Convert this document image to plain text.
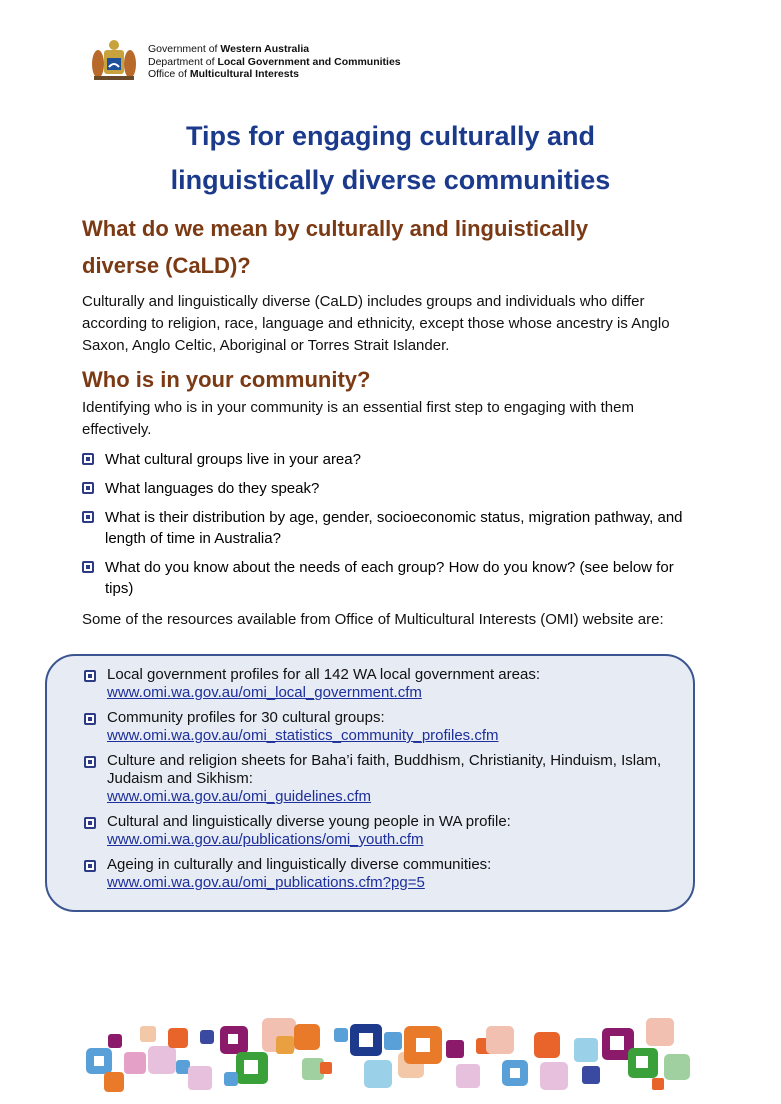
Government of Western Australia
Department of Local Government and Communities
Office of Multicultural Interests
Tips for engaging culturally and
linguistically diverse communities
What do we mean by culturally and linguistically
diverse (CaLD)?

Culturally and linguistically diverse (CaLD) includes groups and individuals who differ according to religion, race, language and ethnicity, except those whose ancestry is Anglo Saxon, Anglo Celtic, Aboriginal or Torres Strait Islander.

Who is in your community?

Identifying who is in your community is an essential first step to engaging with them effectively.

What cultural groups live in your area?
What languages do they speak?
What is their distribution by age, gender, socioeconomic status, migration pathway, and length of time in Australia?
What do you know about the needs of each group? How do you know? (see below for tips)

Some of the resources available from Office of Multicultural Interests (OMI) website are:

Local government profiles for all 142 WA local government areas:
www.omi.wa.gov.au/omi_local_government.cfm
Community profiles for 30 cultural groups:
www.omi.wa.gov.au/omi_statistics_community_profiles.cfm
Culture and religion sheets for Baha’i faith, Buddhism, Christianity, Hinduism, Islam, Judaism and Sikhism:
www.omi.wa.gov.au/omi_guidelines.cfm
Cultural and linguistically diverse young people in WA profile:
www.omi.wa.gov.au/publications/omi_youth.cfm
Ageing in culturally and linguistically diverse communities:
www.omi.wa.gov.au/omi_publications.cfm?pg=5
